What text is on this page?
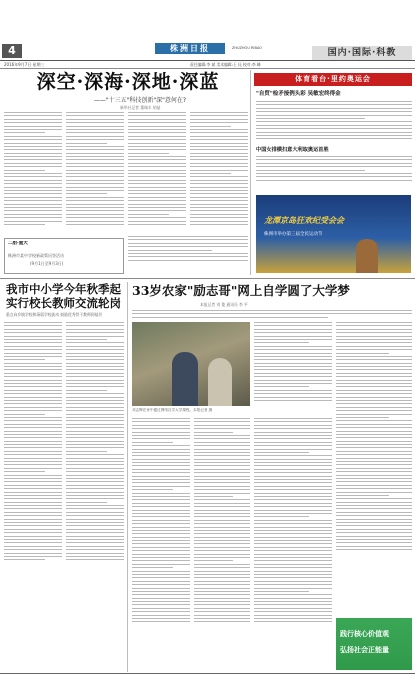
4
2016年9月7日 星期三
株洲日报	ZHUZHOU RIBAO
责任编辑:李 斌 美术编辑:王 珏 校对:李 峰
国内·国际·科教
深空·深海·深地·深蓝
——"十三五"科技创新"深"意何在?
新华社记者 董瑞丰 胡喆
二胎·重大
株洲市某中学校新政策问答活动
(9月1日至9月3日)
体育看台·里约奥运会
"自贸"检矛接例头彩 吴敏宏终得金
中国女排横扫意大利取奥运首胜
龙潭京岛狂欢纪受会会
株洲市举办第三届全民运动节
我市中小学今年秋季起
实行校长教师交流轮岗
重点向乡镇学校和薄弱学校流动 鼓励优秀骨干教师到基层
33岁农家"励志哥"网上自学圆了大学梦
本报记者 刘 俊 通讯员 李 平
邓志辉在家中通过网络自学大学课程。本报记者 摄
践行核心价值观
弘扬社会正能量
